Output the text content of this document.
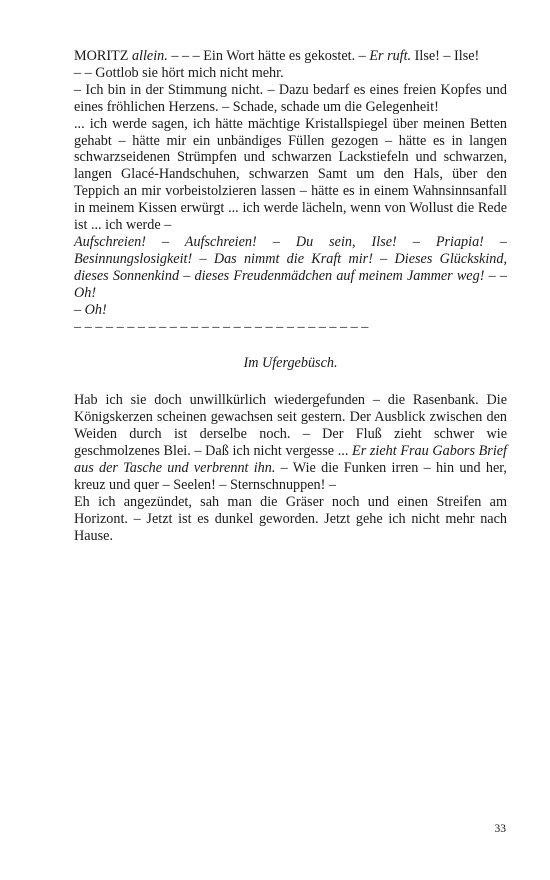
MORITZ allein. – – – Ein Wort hätte es gekostet. – Er ruft. Ilse! – Ilse!

– – Gottlob sie hört mich nicht mehr.

– Ich bin in der Stimmung nicht. – Dazu bedarf es eines freien Kopfes und eines fröhlichen Herzens. – Schade, schade um die Gelegenheit!

... ich werde sagen, ich hätte mächtige Kristallspiegel über meinen Betten gehabt – hätte mir ein unbändiges Füllen gezogen – hätte es in langen schwarzseidenen Strümpfen und schwarzen Lackstiefeln und schwarzen, langen Glacé-Handschuhen, schwarzen Samt um den Hals, über den Teppich an mir vorbeistolzieren lassen – hätte es in einem Wahnsinnsanfall in meinem Kissen erwürgt ... ich werde lächeln, wenn von Wollust die Rede ist ... ich werde –

Aufschreien! – Aufschreien! – Du sein, Ilse! – Priapia! – Besinnungslosigkeit! – Das nimmt die Kraft mir! – Dieses Glückskind, dieses Sonnenkind – dieses Freudenmädchen auf meinem Jammer weg! – – Oh!

– Oh!

– – – – – – – – – – – – – – – – – – – – – – – – – – – –

Im Ufergebüsch.

Hab ich sie doch unwillkürlich wiedergefunden – die Rasenbank. Die Königskerzen scheinen gewachsen seit gestern. Der Ausblick zwischen den Weiden durch ist derselbe noch. – Der Fluß zieht schwer wie geschmolzenes Blei. – Daß ich nicht vergesse ... Er zieht Frau Gabors Brief aus der Tasche und verbrennt ihn. – Wie die Funken irren – hin und her, kreuz und quer – Seelen! – Sternschnuppen! –

Eh ich angezündet, sah man die Gräser noch und einen Streifen am Horizont. – Jetzt ist es dunkel geworden. Jetzt gehe ich nicht mehr nach Hause.

33
